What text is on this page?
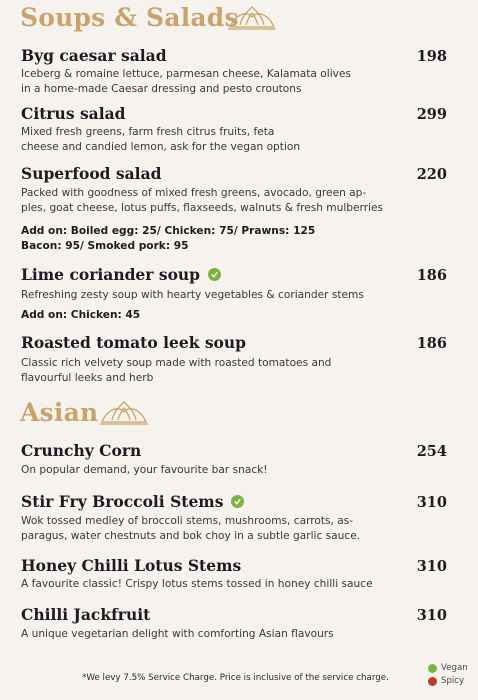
Soups & Salads
Byg caesar salad	198
Iceberg & romaine lettuce, parmesan cheese, Kalamata olives
in a home-made Caesar dressing and pesto croutons
Citrus salad	299
Mixed fresh greens, farm fresh citrus fruits, feta
cheese and candied lemon, ask for the vegan option
Superfood salad	220
Packed with goodness of mixed fresh greens, avocado, green ap-
ples, goat cheese, lotus puffs, flaxseeds, walnuts & fresh mulberries
Add on: Boiled egg: 25/ Chicken: 75/ Prawns: 125
Bacon: 95/ Smoked pork: 95
Lime coriander soup	186
Refreshing zesty soup with hearty vegetables & coriander stems
Add on: Chicken: 45
Roasted tomato leek soup	186
Classic rich velvety soup made with roasted tomatoes and
flavourful leeks and herb
Asian
Crunchy Corn	254
On popular demand, your favourite bar snack!
Stir Fry Broccoli Stems	310
Wok tossed medley of broccoli stems, mushrooms, carrots, as-
paragus, water chestnuts and bok choy in a subtle garlic sauce.
Honey Chilli Lotus Stems	310
A favourite classic! Crispy lotus stems tossed in honey chilli sauce
Chilli Jackfruit	310
A unique vegetarian delight with comforting Asian flavours
*We levy 7.5% Service Charge. Price is inclusive of the service charge.
Vegan
Spicy
